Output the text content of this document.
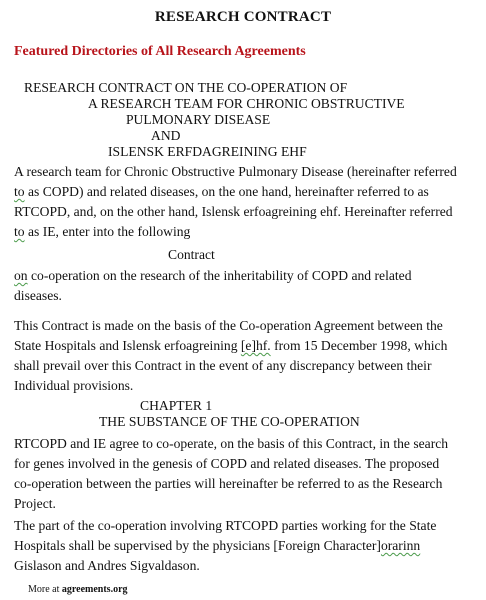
RESEARCH CONTRACT
Featured Directories of All Research Agreements
RESEARCH CONTRACT ON THE CO-OPERATION OF
A RESEARCH TEAM FOR CHRONIC OBSTRUCTIVE
PULMONARY DISEASE
AND
ISLENSK ERFDAGREINING EHF
A research team for Chronic Obstructive Pulmonary Disease (hereinafter referred
to as COPD) and related diseases, on the one hand, hereinafter referred to as
RTCOPD, and, on the other hand, Islensk erfoagreining ehf. Hereinafter referred
to as IE, enter into the following
Contract
on co-operation on the research of the inheritability of COPD and related
diseases.
This Contract is made on the basis of the Co-operation Agreement between the
State Hospitals and Islensk erfoagreining [e]hf. from 15 December 1998, which
shall prevail over this Contract in the event of any discrepancy between their
Individual provisions.
CHAPTER 1
THE SUBSTANCE OF THE CO-OPERATION
RTCOPD and IE agree to co-operate, on the basis of this Contract, in the search
for genes involved in the genesis of COPD and related diseases. The proposed
co-operation between the parties will hereinafter be referred to as the Research
Project.
The part of the co-operation involving RTCOPD parties working for the State
Hospitals shall be supervised by the physicians [Foreign Character]orarinn
Gislason and Andres Sigvaldason.
More at agreements.org
